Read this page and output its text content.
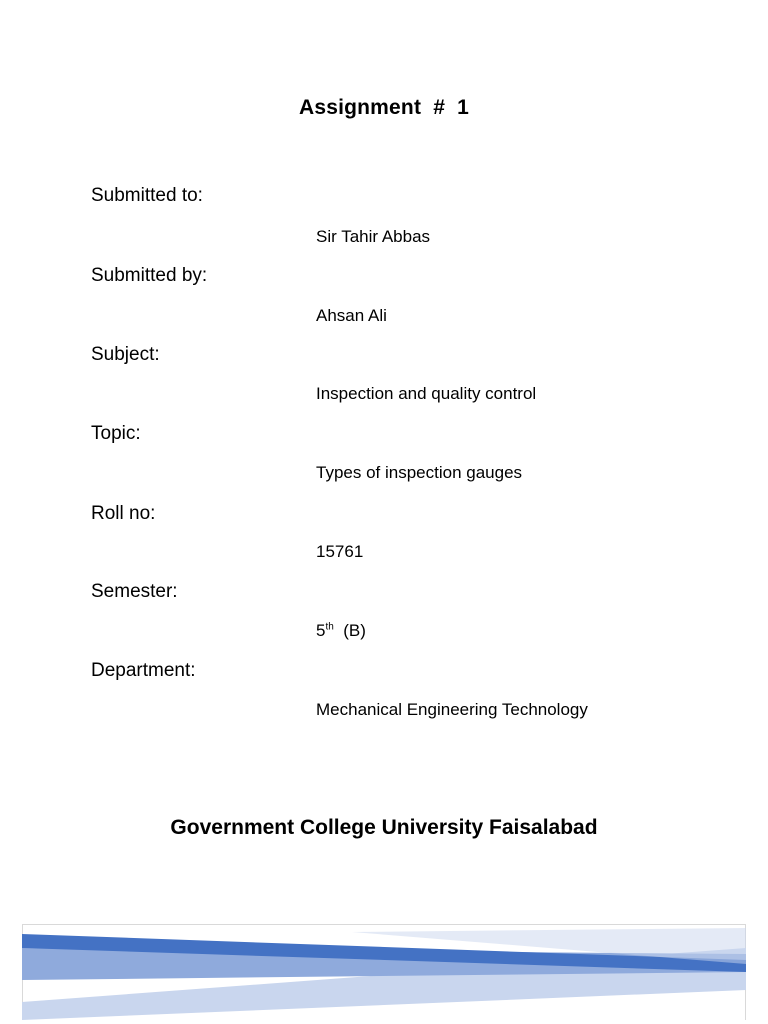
Assignment  #  1
Submitted to:
Sir Tahir Abbas
Submitted by:
Ahsan Ali
Subject:
Inspection and quality control
Topic:
Types of inspection gauges
Roll no:
15761
Semester:
5th  (B)
Department:
Mechanical Engineering Technology
Government College University Faisalabad
